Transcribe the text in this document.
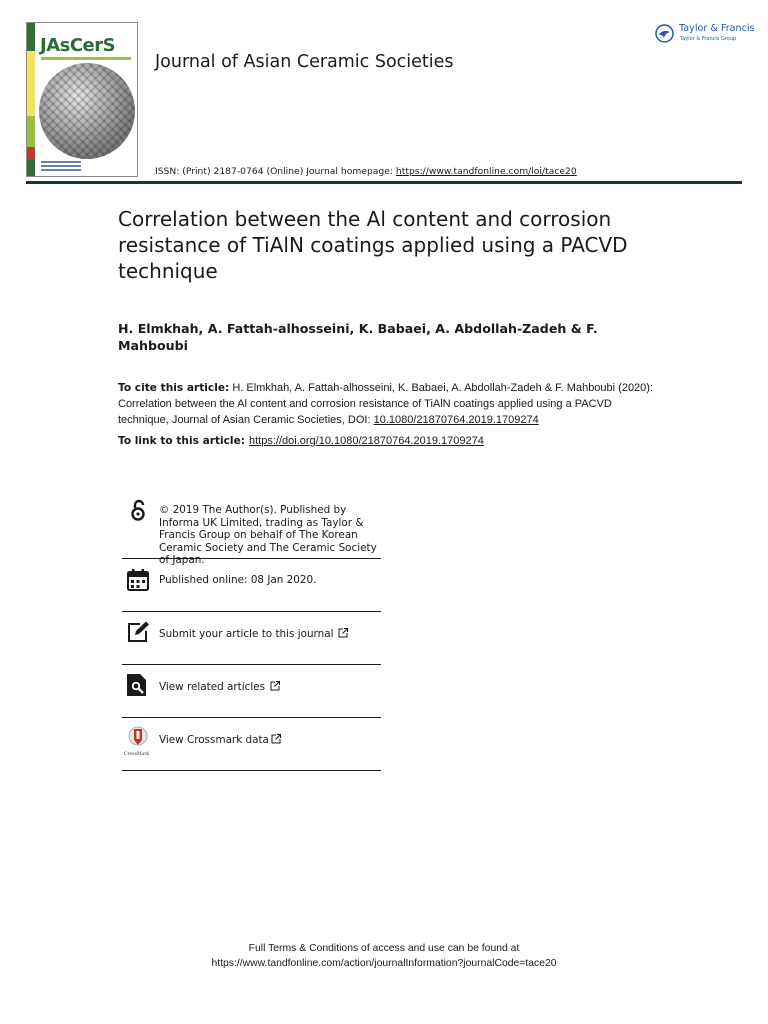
JAsCerS
Journal of Asian Ceramic Societies
Taylor & Francis
Taylor & Francis Group
ISSN: (Print) 2187-0764 (Online) Journal homepage: https://www.tandfonline.com/loi/tace20
Correlation between the Al content and corrosion resistance of TiAlN coatings applied using a PACVD technique
H. Elmkhah, A. Fattah-alhosseini, K. Babaei, A. Abdollah-Zadeh & F. Mahboubi
To cite this article: H. Elmkhah, A. Fattah-alhosseini, K. Babaei, A. Abdollah-Zadeh & F. Mahboubi (2020): Correlation between the Al content and corrosion resistance of TiAlN coatings applied using a PACVD technique, Journal of Asian Ceramic Societies, DOI: 10.1080/21870764.2019.1709274
To link to this article: https://doi.org/10.1080/21870764.2019.1709274
© 2019 The Author(s). Published by Informa UK Limited, trading as Taylor & Francis Group on behalf of The Korean Ceramic Society and The Ceramic Society of Japan.
Published online: 08 Jan 2020.
Submit your article to this journal
View related articles
CrossMark
View Crossmark data
Full Terms & Conditions of access and use can be found at
https://www.tandfonline.com/action/journalInformation?journalCode=tace20
